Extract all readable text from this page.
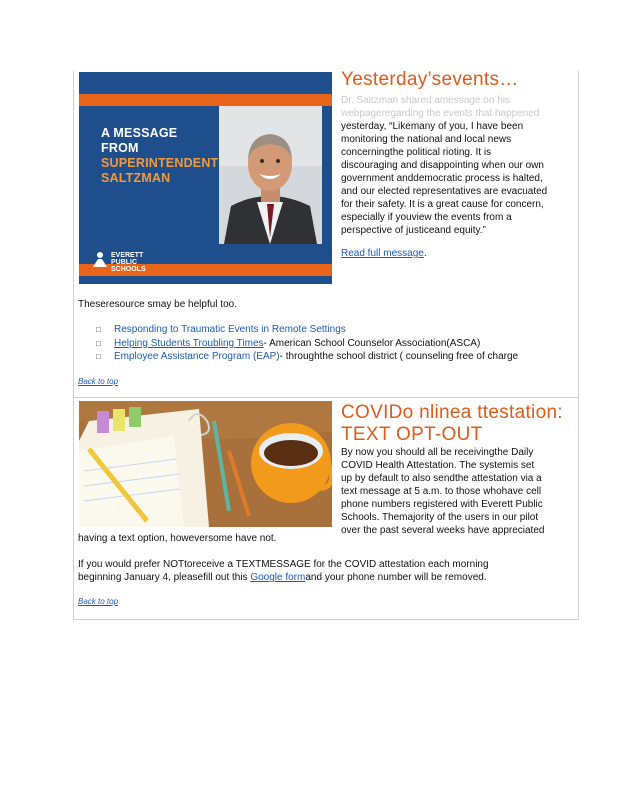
A MESSAGE
FROM
SUPERINTENDENT
SALTZMAN
EVERETT
PUBLIC
SCHOOLS
Yesterday’sevents…
Dr. Saltzman shared amessage on his
webpageregarding the events that happened
yesterday, “Likemany of you, I have been
monitoring the national and local news
concerningthe political rioting. It is
discouraging and disappointing when our own
government anddemocratic process is halted,
and our elected representatives are evacuated
for their safety. It is a great cause for concern,
especially if youview the events from a
perspective of justiceand equity.”
Read full message.
Theseresource smay be helpful too.
□ Responding to Traumatic Events in Remote Settings
□ Helping Students Troubling Times- American School Counselor Association(ASCA)
□ Employee Assistance Program (EAP)- throughthe school district ( counseling free of charge
Back to top
COVIDo nlinea ttestation:
TEXT OPT-OUT
By now you should all be receivingthe Daily
COVID Health Attestation. The systemis set
up by default to also sendthe attestation via a
text message at 5 a.m. to those whohave cell
phone numbers registered with Everett Public
Schools. Themajority of the users in our pilot
over the past several weeks have appreciated
having a text option, howeversome have not.
If you would prefer NOTtoreceive a TEXTMESSAGE for the COVID attestation each morning
beginning January 4, pleasefill out this Google formand your phone number will be removed.
Back to top
